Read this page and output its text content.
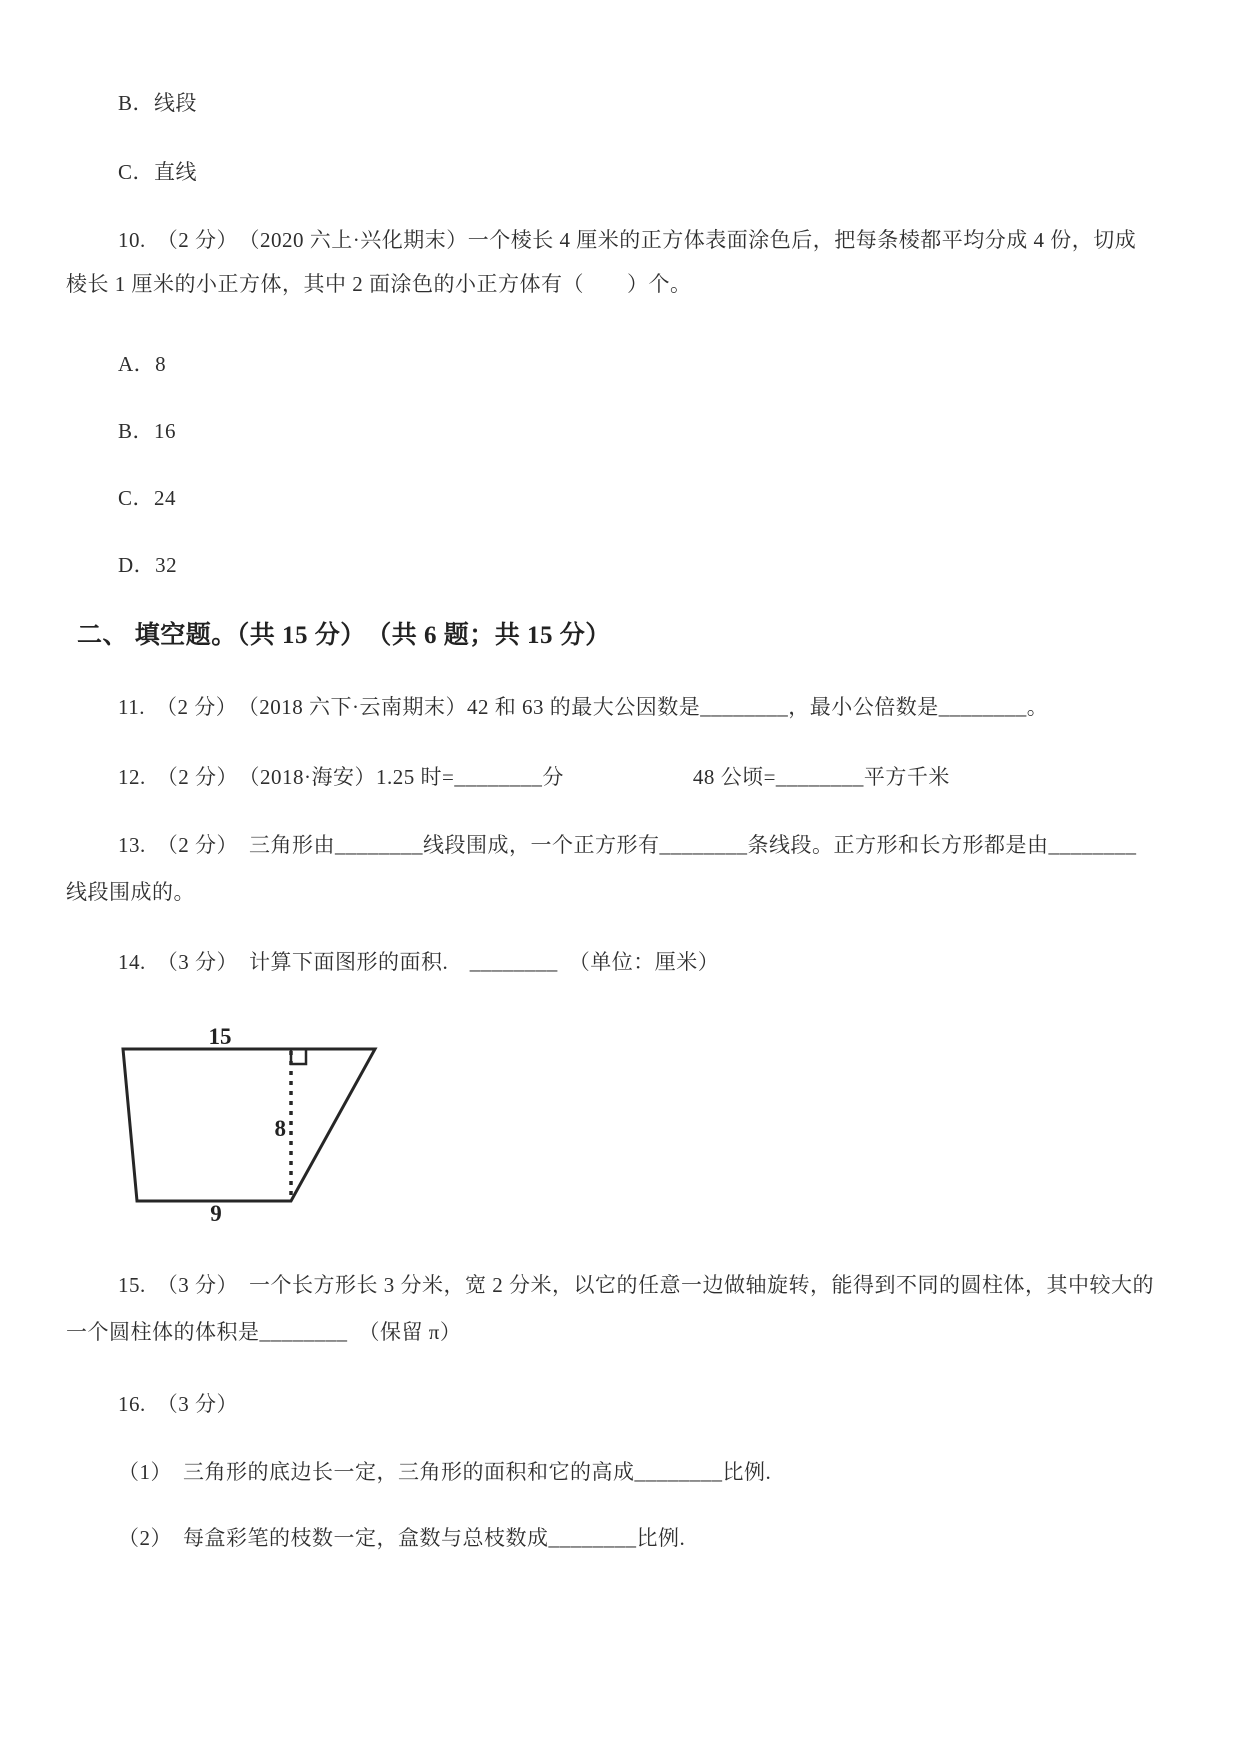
B．线段
C．直线
10.　（2 分）　（2020 六上·兴化期末）一个棱长 4 厘米的正方体表面涂色后，把每条棱都平均分成 4 份，切成
棱长 1 厘米的小正方体，其中 2 面涂色的小正方体有（　　）个。
A．8
B．16
C．24
D．32
二、 填空题。（共 15 分）　（共 6 题；共 15 分）
11.　（2 分）　（2018 六下·云南期末）42 和 63 的最大公因数是________，最小公倍数是________。
12.　（2 分）　（2018·海安）1.25 时=________分　　　　　　48 公顷=________平方千米
13.　（2 分）　三角形由________线段围成，一个正方形有________条线段。正方形和长方形都是由________
线段围成的。
14.　（3 分）　计算下面图形的面积.　________　（单位：厘米）
15
8
9
15.　（3 分）　一个长方形长 3 分米，宽 2 分米，以它的任意一边做轴旋转，能得到不同的圆柱体，其中较大的
一个圆柱体的体积是________　（保留 π）
16.　（3 分）
（1）　三角形的底边长一定，三角形的面积和它的高成________比例.
（2）　每盒彩笔的枝数一定，盒数与总枝数成________比例.
